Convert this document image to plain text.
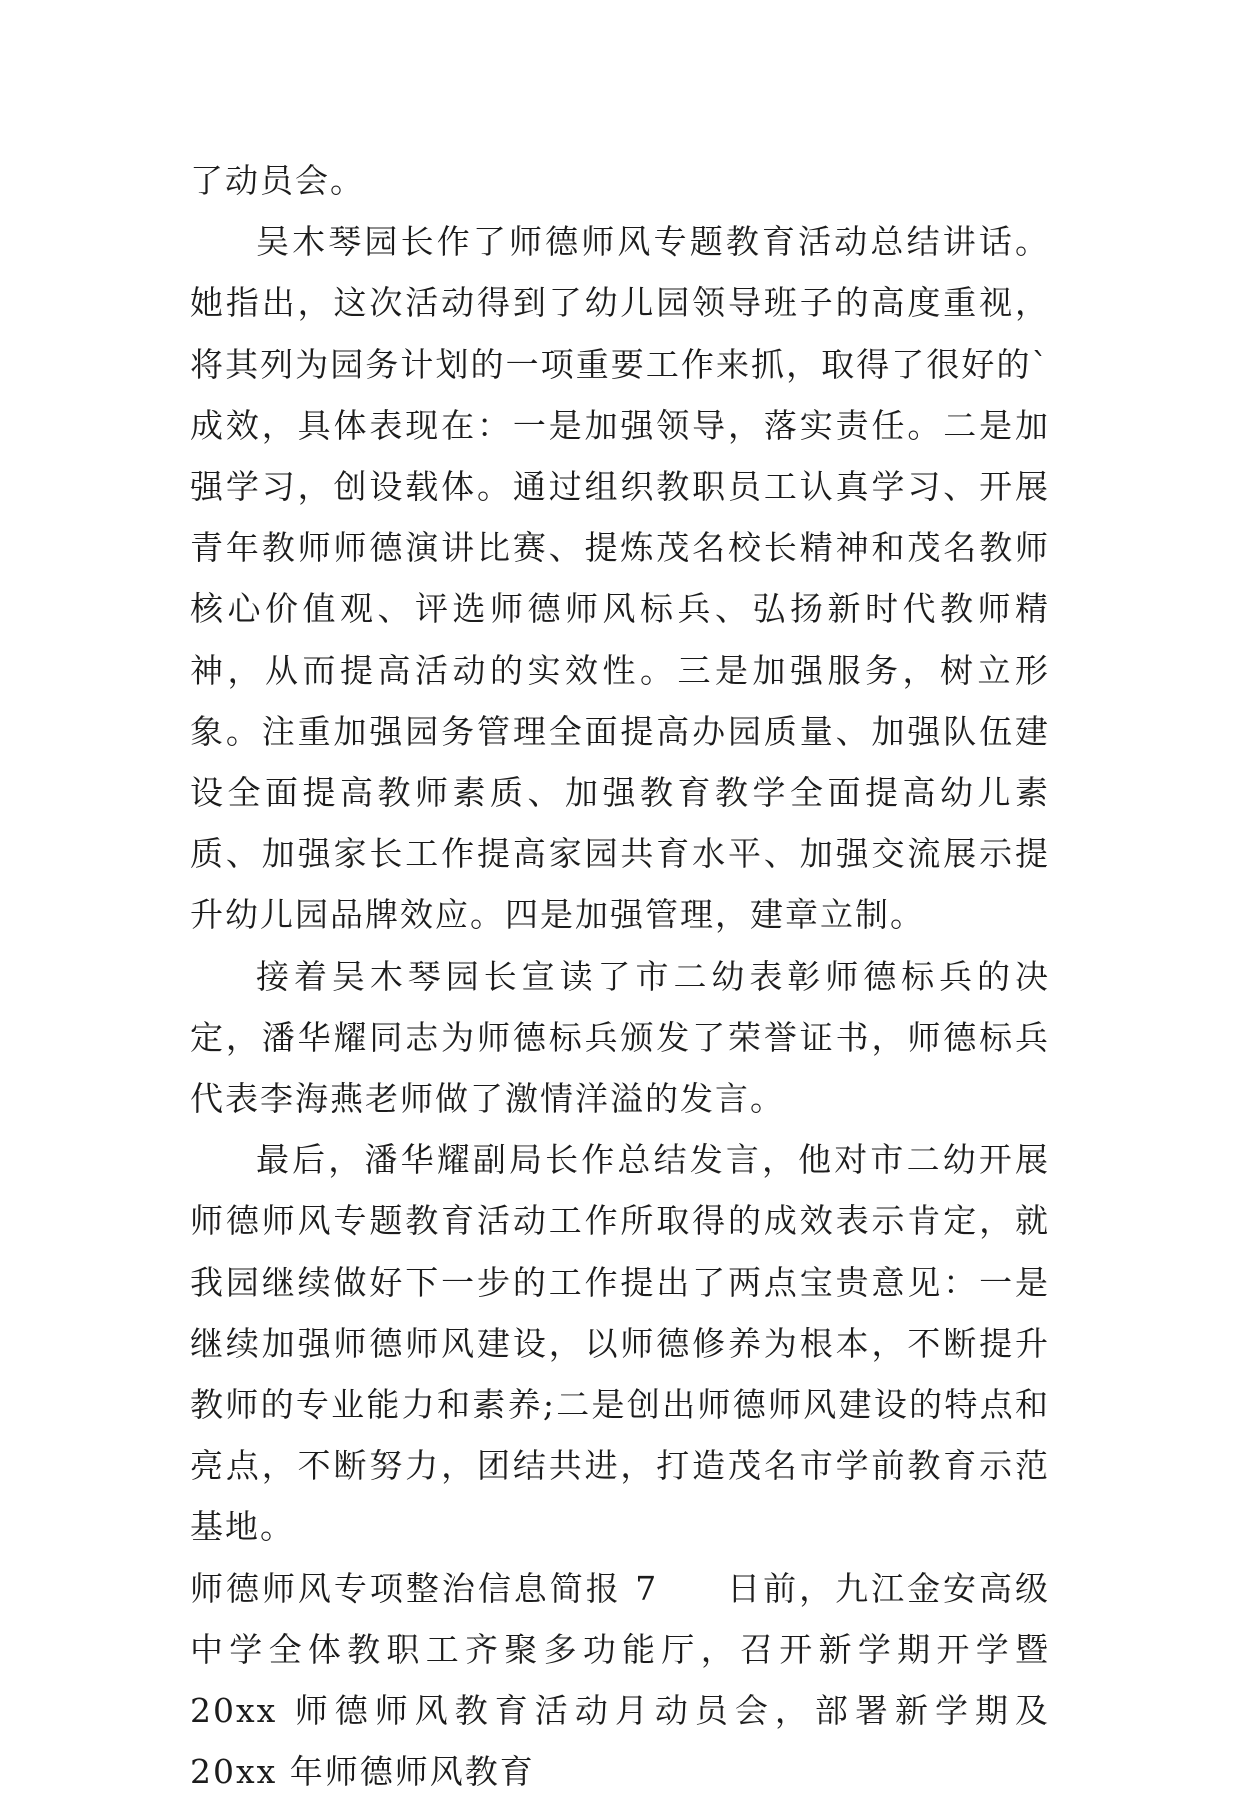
了动员会。

吴木琴园长作了师德师风专题教育活动总结讲话。她指出，这次活动得到了幼儿园领导班子的高度重视，将其列为园务计划的一项重要工作来抓，取得了很好的`成效，具体表现在：一是加强领导，落实责任。二是加强学习，创设载体。通过组织教职员工认真学习、开展青年教师师德演讲比赛、提炼茂名校长精神和茂名教师核心价值观、评选师德师风标兵、弘扬新时代教师精神，从而提高活动的实效性。三是加强服务，树立形象。注重加强园务管理全面提高办园质量、加强队伍建设全面提高教师素质、加强教育教学全面提高幼儿素质、加强家长工作提高家园共育水平、加强交流展示提升幼儿园品牌效应。四是加强管理，建章立制。

接着吴木琴园长宣读了市二幼表彰师德标兵的决定，潘华耀同志为师德标兵颁发了荣誉证书，师德标兵代表李海燕老师做了激情洋溢的发言。

最后，潘华耀副局长作总结发言，他对市二幼开展师德师风专题教育活动工作所取得的成效表示肯定，就我园继续做好下一步的工作提出了两点宝贵意见：一是继续加强师德师风建设，以师德修养为根本，不断提升教师的专业能力和素养;二是创出师德师风建设的特点和亮点，不断努力，团结共进，打造茂名市学前教育示范基地。

师德师风专项整治信息简报 7 日前，九江金安高级中学全体教职工齐聚多功能厅，召开新学期开学暨 20xx 师德师风教育活动月动员会，部署新学期及 20xx 年师德师风教育
